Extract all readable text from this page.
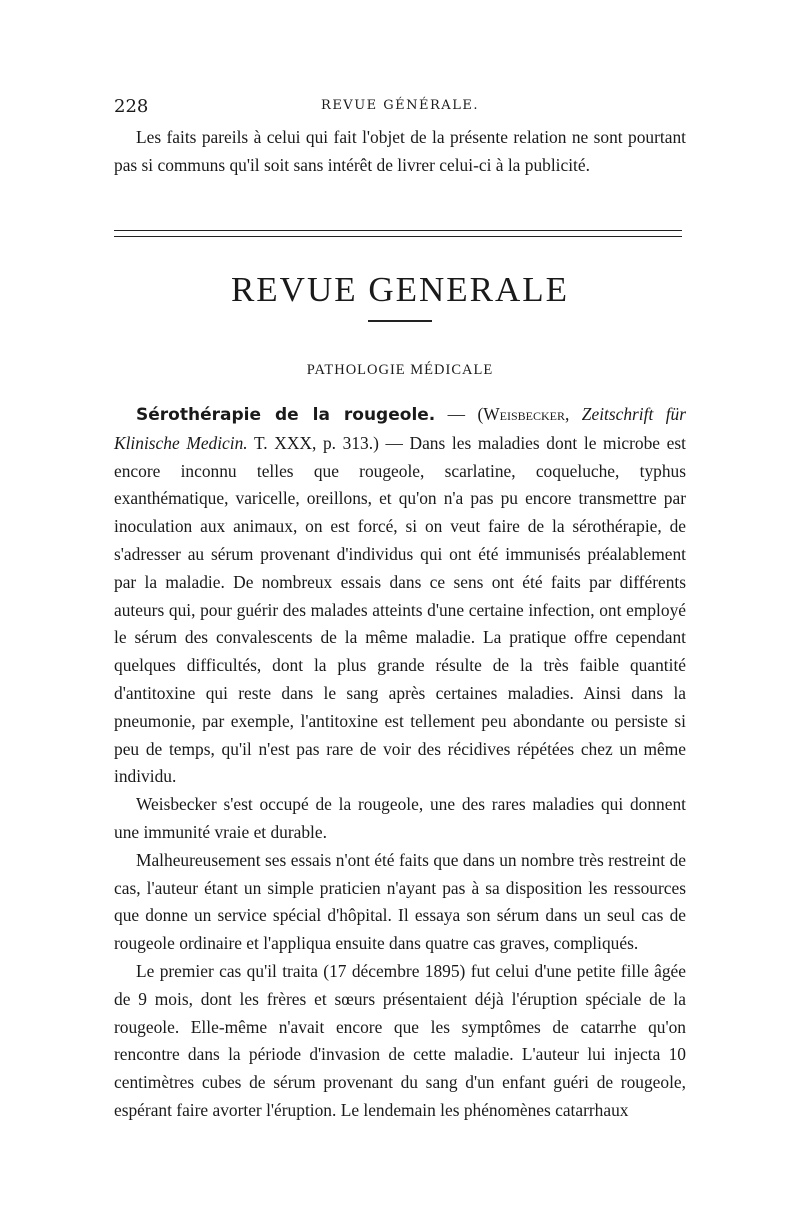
228	REVUE GÉNÉRALE.

Les faits pareils à celui qui fait l'objet de la présente relation ne sont pourtant pas si communs qu'il soit sans intérêt de livrer celui-ci à la publicité.

REVUE GENERALE
PATHOLOGIE MÉDICALE

Sérothérapie de la rougeole. — (Weisbecker, Zeitschrift für Klinische Medicin. T. XXX, p. 313.) — Dans les maladies dont le microbe est encore inconnu telles que rougeole, scarlatine, coqueluche, typhus exanthématique, varicelle, oreillons, et qu'on n'a pas pu encore transmettre par inoculation aux animaux, on est forcé, si on veut faire de la sérothérapie, de s'adresser au sérum provenant d'individus qui ont été immunisés préalablement par la maladie. De nombreux essais dans ce sens ont été faits par différents auteurs qui, pour guérir des malades atteints d'une certaine infection, ont employé le sérum des convalescents de la même maladie. La pratique offre cependant quelques difficultés, dont la plus grande résulte de la très faible quantité d'antitoxine qui reste dans le sang après certaines maladies. Ainsi dans la pneumonie, par exemple, l'antitoxine est tellement peu abondante ou persiste si peu de temps, qu'il n'est pas rare de voir des récidives répétées chez un même individu.

Weisbecker s'est occupé de la rougeole, une des rares maladies qui donnent une immunité vraie et durable.

Malheureusement ses essais n'ont été faits que dans un nombre très restreint de cas, l'auteur étant un simple praticien n'ayant pas à sa disposition les ressources que donne un service spécial d'hôpital. Il essaya son sérum dans un seul cas de rougeole ordinaire et l'appliqua ensuite dans quatre cas graves, compliqués.

Le premier cas qu'il traita (17 décembre 1895) fut celui d'une petite fille âgée de 9 mois, dont les frères et sœurs présentaient déjà l'éruption spéciale de la rougeole. Elle-même n'avait encore que les symptômes de catarrhe qu'on rencontre dans la période d'invasion de cette maladie. L'auteur lui injecta 10 centimètres cubes de sérum provenant du sang d'un enfant guéri de rougeole, espérant faire avorter l'éruption. Le lendemain les phénomènes catarrhaux
